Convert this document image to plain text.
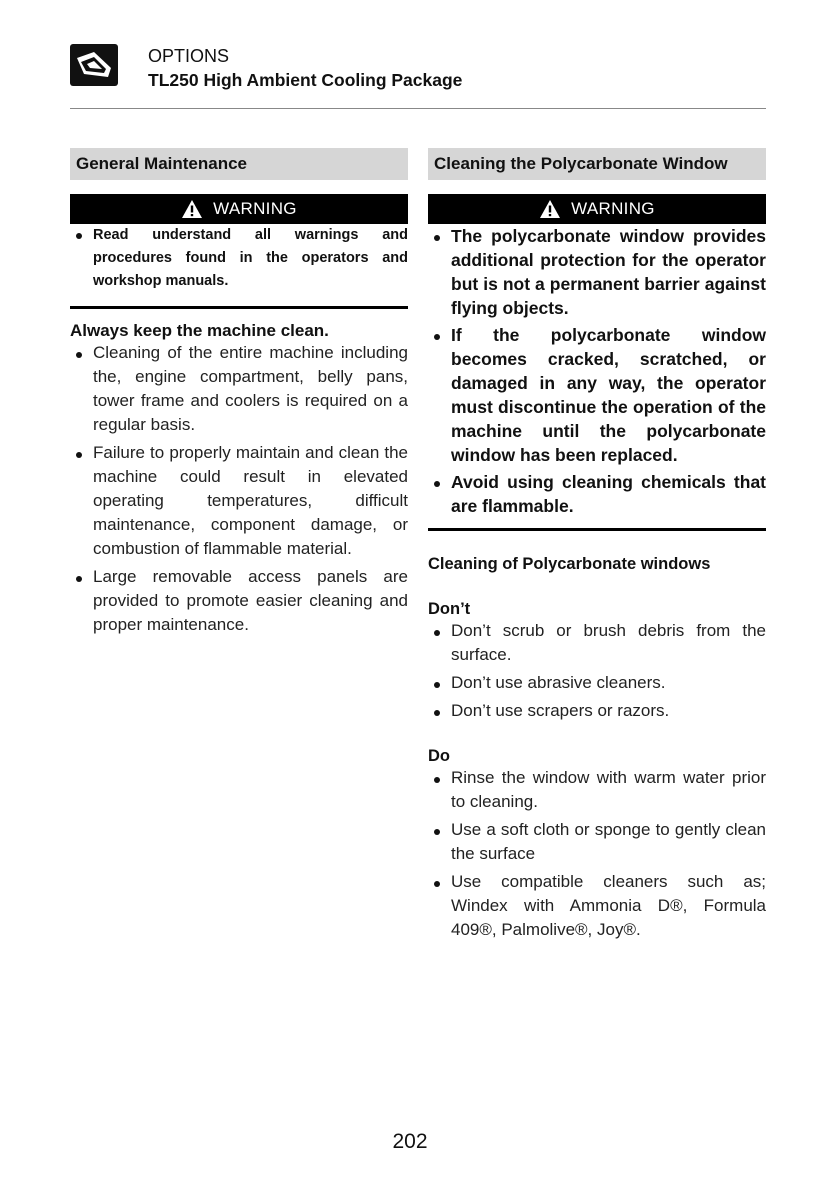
OPTIONS
TL250 High Ambient Cooling Package
General Maintenance
WARNING
Read understand all warnings and procedures found in the operators and workshop manuals.
Always keep the machine clean.
Cleaning of the entire machine including the, engine compartment, belly pans, tower frame and coolers is required on a regular basis.
Failure to properly maintain and clean the machine could result in elevated operating temperatures, difficult maintenance, component damage, or combustion of flammable material.
Large removable access panels are provided to promote easier cleaning and proper maintenance.
Cleaning the Polycarbonate Window
WARNING
The polycarbonate window provides additional protection for the operator but is not a permanent barrier against flying objects.
If the polycarbonate window becomes cracked, scratched, or damaged in any way, the operator must discontinue the operation of the machine until the polycarbonate window has been replaced.
Avoid using cleaning chemicals that are flammable.
Cleaning of Polycarbonate windows
Don’t
Don’t scrub or brush debris from the surface.
Don’t use abrasive cleaners.
Don’t use scrapers or razors.
Do
Rinse the window with warm water prior to cleaning.
Use a soft cloth or sponge to gently clean the surface
Use compatible cleaners such as; Windex with Ammonia D®, Formula 409®, Palmolive®, Joy®.
202
